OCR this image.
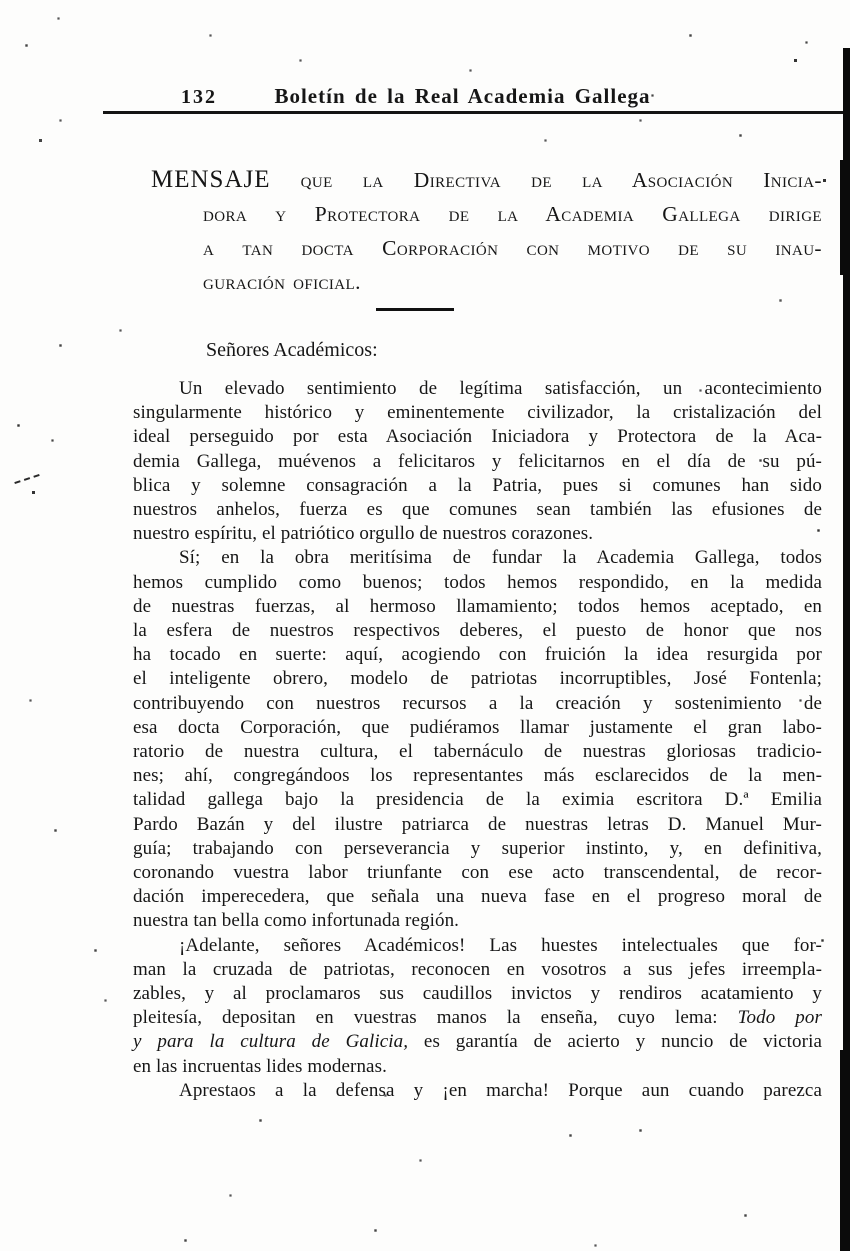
132	Boletín de la Real Academia Gallega
MENSAJE que la Directiva de la Asociación Inicia-
dora y Protectora de la Academia Gallega dirige
a tan docta Corporación con motivo de su inau-
guración oficial.
Señores Académicos:
Un elevado sentimiento de legítima satisfacción, un acontecimiento
singularmente histórico y eminentemente civilizador, la cristalización del
ideal perseguido por esta Asociación Iniciadora y Protectora de la Aca-
demia Gallega, muévenos a felicitaros y felicitarnos en el día de su pú-
blica y solemne consagración a la Patria, pues si comunes han sido
nuestros anhelos, fuerza es que comunes sean también las efusiones de
nuestro espíritu, el patriótico orgullo de nuestros corazones.
Sí; en la obra meritísima de fundar la Academia Gallega, todos
hemos cumplido como buenos; todos hemos respondido, en la medida
de nuestras fuerzas, al hermoso llamamiento; todos hemos aceptado, en
la esfera de nuestros respectivos deberes, el puesto de honor que nos
ha tocado en suerte: aquí, acogiendo con fruición la idea resurgida por
el inteligente obrero, modelo de patriotas incorruptibles, José Fontenla;
contribuyendo con nuestros recursos a la creación y sostenimiento de
esa docta Corporación, que pudiéramos llamar justamente el gran labo-
ratorio de nuestra cultura, el tabernáculo de nuestras gloriosas tradicio-
nes; ahí, congregándoos los representantes más esclarecidos de la men-
talidad gallega bajo la presidencia de la eximia escritora D.ª Emilia
Pardo Bazán y del ilustre patriarca de nuestras letras D. Manuel Mur-
guía; trabajando con perseverancia y superior instinto, y, en definitiva,
coronando vuestra labor triunfante con ese acto transcendental, de recor-
dación imperecedera, que señala una nueva fase en el progreso moral de
nuestra tan bella como infortunada región.
¡Adelante, señores Académicos! Las huestes intelectuales que for-
man la cruzada de patriotas, reconocen en vosotros a sus jefes irreempla-
zables, y al proclamaros sus caudillos invictos y rendiros acatamiento y
pleitesía, depositan en vuestras manos la enseña, cuyo lema: Todo por
y para la cultura de Galicia, es garantía de acierto y nuncio de victoria
en las incruentas lides modernas.
Aprestaos a la defensa y ¡en marcha! Porque aun cuando parezca
